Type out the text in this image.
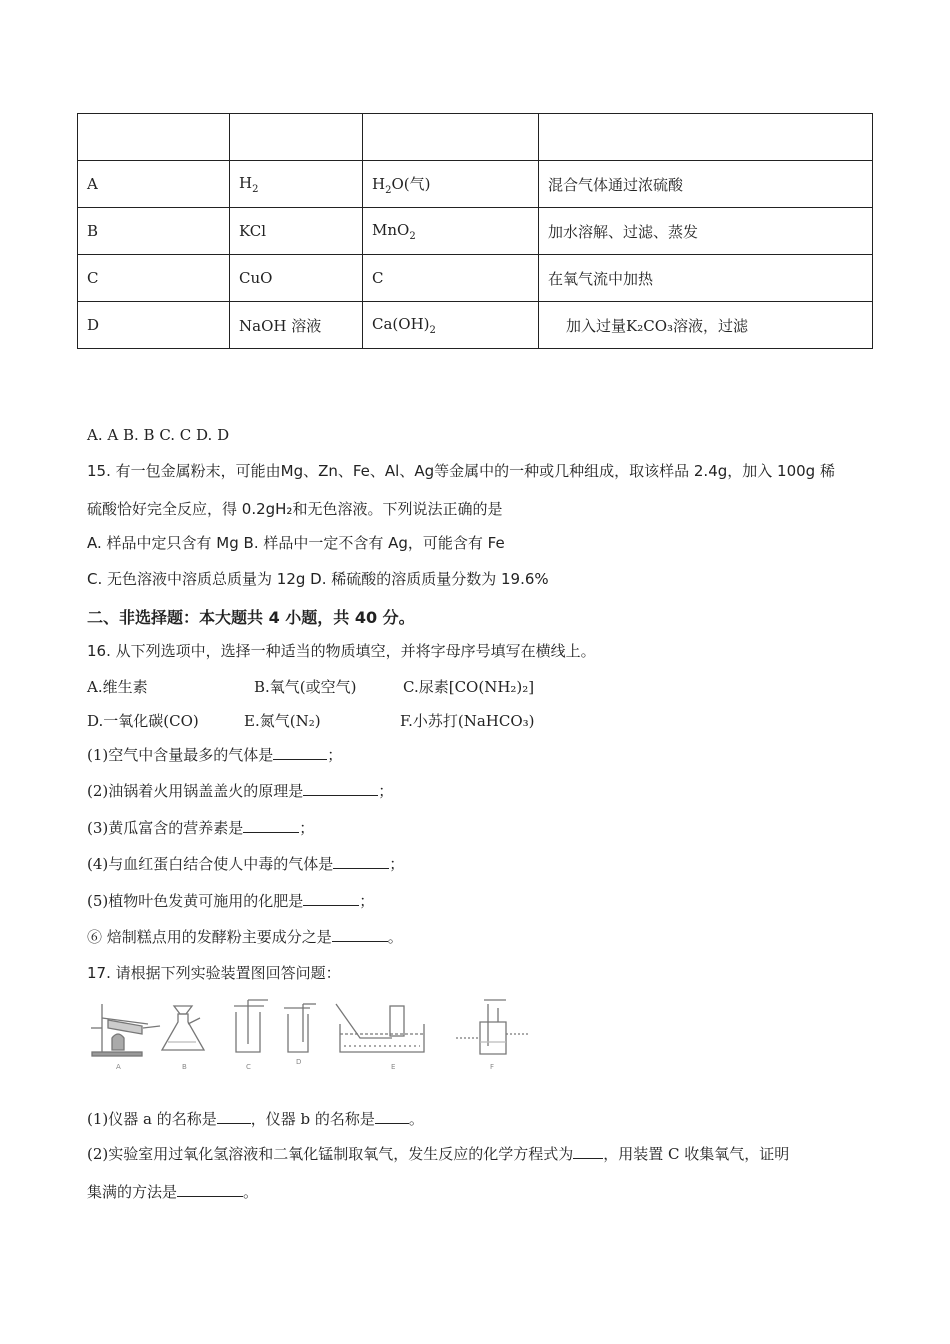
A	$H_2$	$H_2O$(气)	混合气体通过浓硫酸
B	KCl	MnO$_2$	加水溶解、过滤、蒸发
C	CuO	C	在氧气流中加热
D	NaOH 溶液	$Ca(OH)_2$	加入过量K₂CO₃溶液，过滤
A. A B. B C. C D. D
15. 有一包金属粉末，可能由Mg、Zn、Fe、Al、Ag等金属中的一种或几种组成，取该样品 2.4g，加入 100g 稀
硫酸恰好完全反应，得 0.2gH₂和无色溶液。下列说法正确的是
A. 样品中定只含有 Mg B. 样品中一定不含有 Ag，可能含有 Fe
C. 无色溶液中溶质总质量为 12g D. 稀硫酸的溶质质量分数为 19.6%
二、非选择题：本大题共 4 小题，共 40 分。
16. 从下列选项中，选择一种适当的物质填空，并将字母序号填写在横线上。
A.维生素	B.氧气(或空气)	C.尿素[CO(NH₂)₂]
D.一氧化碳(CO)	E.氮气(N₂)	F.小苏打(NaHCO₃)
(1)空气中含量最多的气体是	；
(2)油锅着火用锅盖盖火的原理是	；
(3)黄瓜富含的营养素是	；
(4)与血红蛋白结合使人中毒的气体是	；
(5)植物叶色发黄可施用的化肥是	；
⑥ 焙制糕点用的发酵粉主要成分之是	。
17. 请根据下列实验装置图回答问题：
A	B	C
D
E	F
(1)仪器 a 的名称是 ，仪器 b 的名称是 。
(2)实验室用过氧化氢溶液和二氧化锰制取氧气，发生反应的化学方程式为 ，用装置 C 收集氧气，证明
集满的方法是	。
